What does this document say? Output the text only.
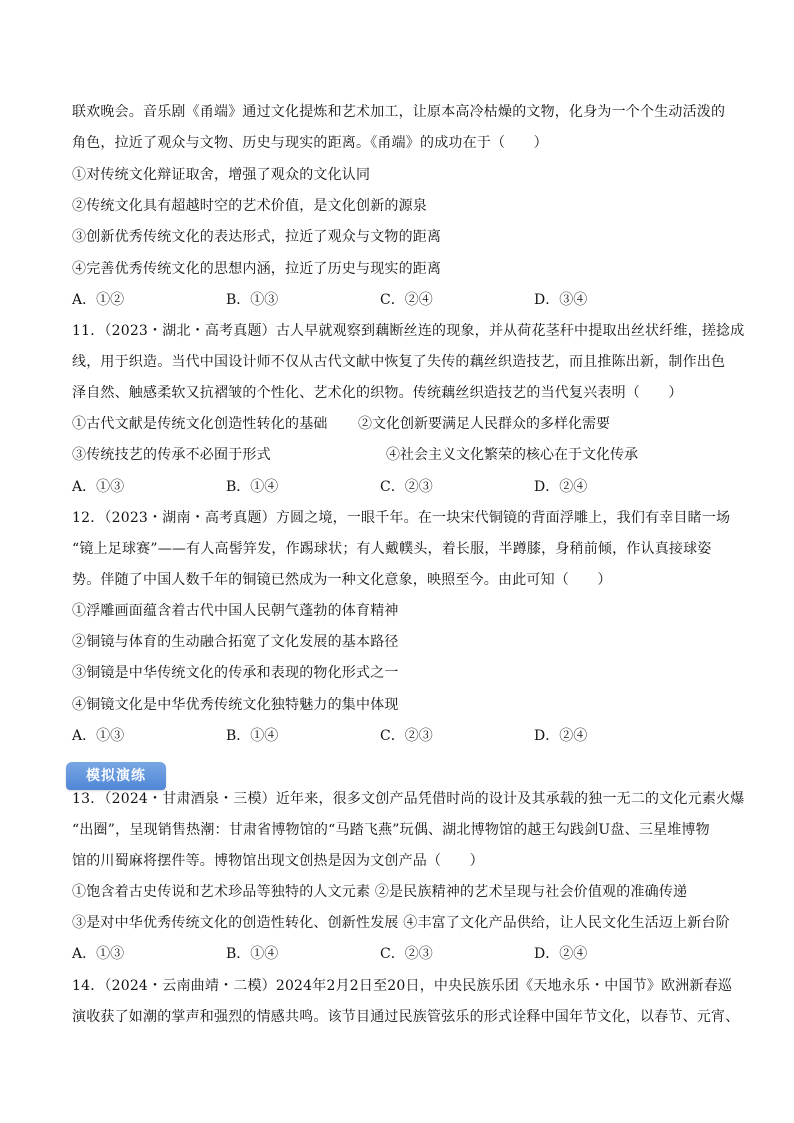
联欢晚会。音乐剧《甬端》通过文化提炼和艺术加工，让原本高冷枯燥的文物，化身为一个个生动活泼的
角色，拉近了观众与文物、历史与现实的距离。《甬端》的成功在于（　　）
①对传统文化辩证取舍，增强了观众的文化认同
②传统文化具有超越时空的艺术价值，是文化创新的源泉
③创新优秀传统文化的表达形式，拉近了观众与文物的距离
④完善优秀传统文化的思想内涵，拉近了历史与现实的距离
A．①②	B．①③	C．②④	D．③④
11．（2023・湖北・高考真题）古人早就观察到藕断丝连的现象，并从荷花茎秆中提取出丝状纤维，搓捻成
线，用于织造。当代中国设计师不仅从古代文献中恢复了失传的藕丝织造技艺，而且推陈出新，制作出色
泽自然、触感柔软又抗褶皱的个性化、艺术化的织物。传统藕丝织造技艺的当代复兴表明（　　）
①古代文献是传统文化创造性转化的基础 ②文化创新要满足人民群众的多样化需要
③传统技艺的传承不必囿于形式	④社会主义文化繁荣的核心在于文化传承
A．①③	B．①④	C．②③	D．②④
12．（2023・湖南・高考真题）方圆之境，一眼千年。在一块宋代铜镜的背面浮雕上，我们有幸目睹一场
“镜上足球赛”——有人高髻笄发，作踢球状；有人戴幞头，着长服，半蹲膝，身稍前倾，作认真接球姿
势。伴随了中国人数千年的铜镜已然成为一种文化意象，映照至今。由此可知（　　）
①浮雕画面蕴含着古代中国人民朝气蓬勃的体育精神
②铜镜与体育的生动融合拓宽了文化发展的基本路径
③铜镜是中华传统文化的传承和表现的物化形式之一
④铜镜文化是中华优秀传统文化独特魅力的集中体现
A．①③	B．①④	C．②③	D．②④
模拟演练
13．（2024・甘肃酒泉・三模）近年来，很多文创产品凭借时尚的设计及其承载的独一无二的文化元素火爆
“出圈”，呈现销售热潮：甘肃省博物馆的“马踏飞燕”玩偶、湖北博物馆的越王勾践剑U盘、三星堆博物
馆的川蜀麻将摆件等。博物馆出现文创热是因为文创产品（　　）
①饱含着古史传说和艺术珍品等独特的人文元素 ②是民族精神的艺术呈现与社会价值观的准确传递
③是对中华优秀传统文化的创造性转化、创新性发展 ④丰富了文化产品供给，让人民文化生活迈上新台阶
A．①③	B．①④	C．②③	D．②④
14．（2024・云南曲靖・二模）2024年2月2日至20日，中央民族乐团《天地永乐・中国节》欧洲新春巡
演收获了如潮的掌声和强烈的情感共鸣。该节目通过民族管弦乐的形式诠释中国年节文化，以春节、元宵、
